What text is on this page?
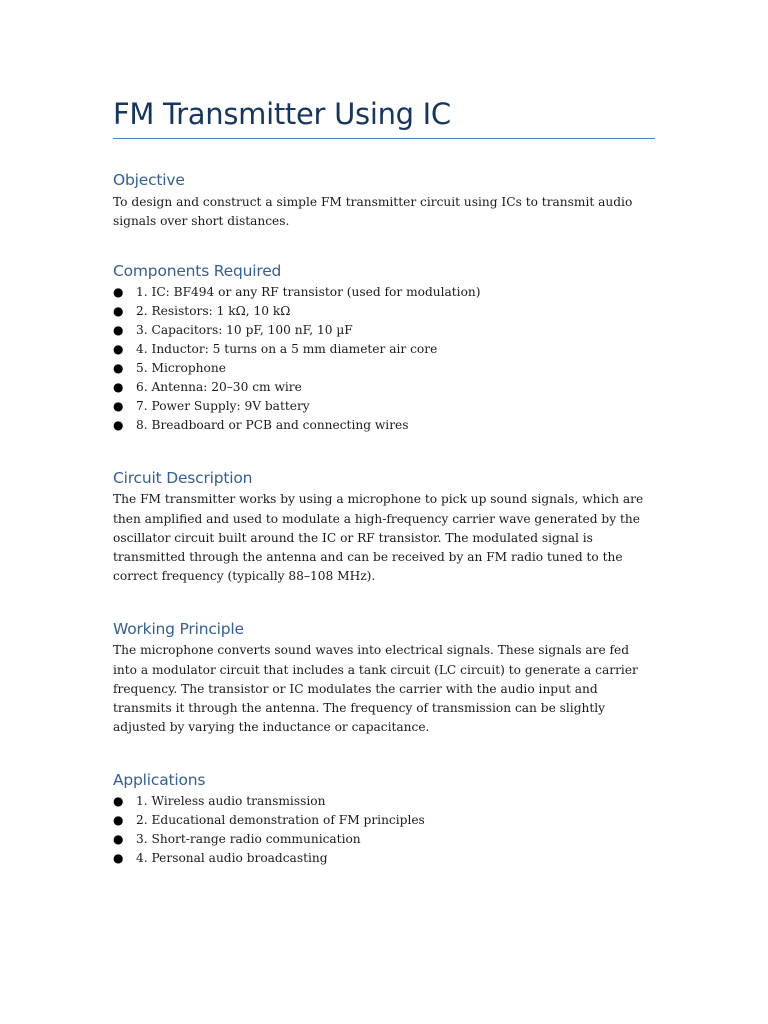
FM Transmitter Using IC
Objective

To design and construct a simple FM transmitter circuit using ICs to transmit audio signals over short distances.

Components Required
● 1. IC: BF494 or any RF transistor (used for modulation)
● 2. Resistors: 1 kΩ, 10 kΩ
● 3. Capacitors: 10 pF, 100 nF, 10 µF
● 4. Inductor: 5 turns on a 5 mm diameter air core
● 5. Microphone
● 6. Antenna: 20–30 cm wire
● 7. Power Supply: 9V battery
● 8. Breadboard or PCB and connecting wires
Circuit Description

The FM transmitter works by using a microphone to pick up sound signals, which are then amplified and used to modulate a high-frequency carrier wave generated by the oscillator circuit built around the IC or RF transistor. The modulated signal is transmitted through the antenna and can be received by an FM radio tuned to the correct frequency (typically 88–108 MHz).

Working Principle

The microphone converts sound waves into electrical signals. These signals are fed into a modulator circuit that includes a tank circuit (LC circuit) to generate a carrier frequency. The transistor or IC modulates the carrier with the audio input and transmits it through the antenna. The frequency of transmission can be slightly adjusted by varying the inductance or capacitance.

Applications
● 1. Wireless audio transmission
● 2. Educational demonstration of FM principles
● 3. Short-range radio communication
● 4. Personal audio broadcasting
